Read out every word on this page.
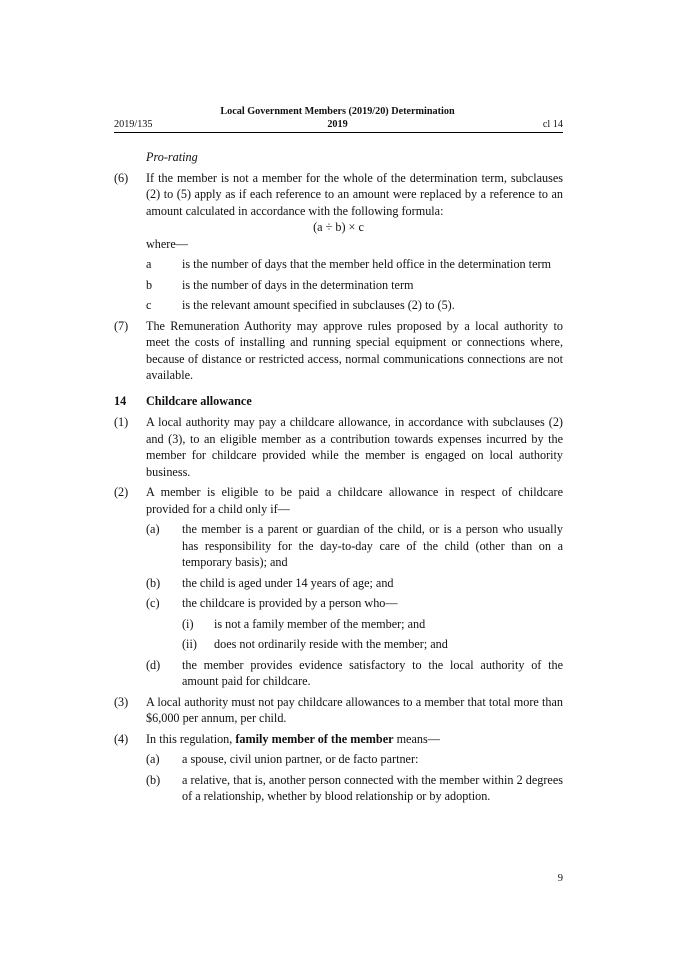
Local Government Members (2019/20) Determination
2019
2019/135	cl 14

Pro-rating

(6)	If the member is not a member for the whole of the determination term, subclauses (2) to (5) apply as if each reference to an amount were replaced by a reference to an amount calculated in accordance with the following formula:

(a ÷ b) × c

where—

a	is the number of days that the member held office in the determination term
b	is the number of days in the determination term
c	is the relevant amount specified in subclauses (2) to (5).
(7)	The Remuneration Authority may approve rules proposed by a local authority to meet the costs of installing and running special equipment or connections where, because of distance or restricted access, normal communications connections are not available.
14	Childcare allowance
(1)	A local authority may pay a childcare allowance, in accordance with subclauses (2) and (3), to an eligible member as a contribution towards expenses incurred by the member for childcare provided while the member is engaged on local authority business.
(2)	A member is eligible to be paid a childcare allowance in respect of childcare provided for a child only if—
(a)	the member is a parent or guardian of the child, or is a person who usually has responsibility for the day-to-day care of the child (other than on a temporary basis); and
(b)	the child is aged under 14 years of age; and
(c)	the childcare is provided by a person who—
(i)	is not a family member of the member; and
(ii)	does not ordinarily reside with the member; and
(d)	the member provides evidence satisfactory to the local authority of the amount paid for childcare.
(3)	A local authority must not pay childcare allowances to a member that total more than $6,000 per annum, per child.
(4)	In this regulation, family member of the member means—
(a)	a spouse, civil union partner, or de facto partner:
(b)	a relative, that is, another person connected with the member within 2 degrees of a relationship, whether by blood relationship or by adoption.
9
